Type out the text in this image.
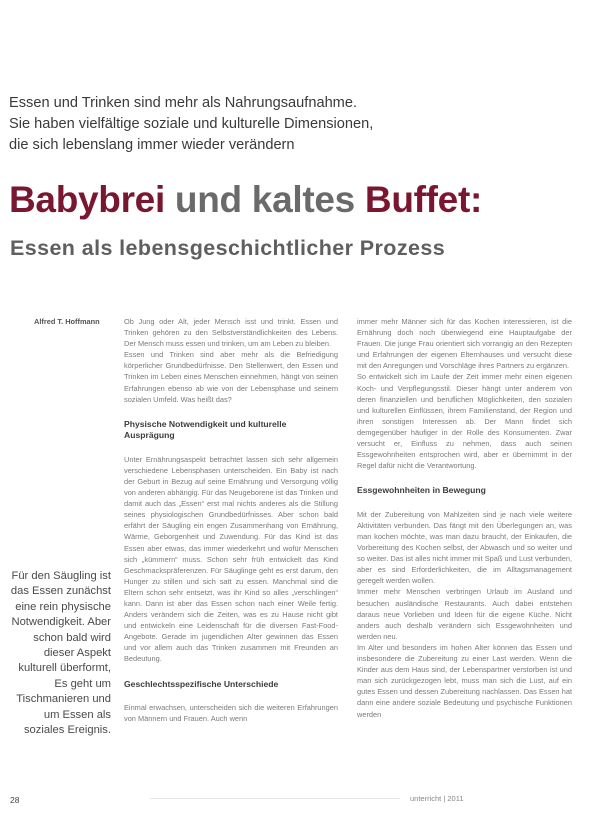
Essen und Trinken sind mehr als Nahrungsaufnahme.
Sie haben vielfältige soziale und kulturelle Dimensionen,
die sich lebenslang immer wieder verändern
Babybrei und kaltes Buffet:
Essen als lebensgeschichtlicher Prozess
Alfred T. Hoffmann
Für den Säugling ist das Essen zunächst eine rein physische Notwendigkeit. Aber schon bald wird dieser Aspekt kulturell überformt, Es geht um Tischmanieren und um Essen als soziales Ereignis.

Ob Jung oder Alt, jeder Mensch isst und trinkt. Essen und Trinken gehören zu den Selbstverständlichkeiten des Lebens. Der Mensch muss essen und trinken, um am Leben zu bleiben.

Essen und Trinken sind aber mehr als die Befriedigung körperlicher Grundbedürfnisse. Den Stellenwert, den Essen und Trinken im Leben eines Menschen einnehmen, hängt von seinen Erfahrungen ebenso ab wie von der Lebensphase und seinem sozialen Umfeld. Was heißt das?

Physische Notwendigkeit und kulturelle Ausprägung

Unter Ernährungsaspekt betrachtet lassen sich sehr allgemein verschiedene Lebensphasen unterscheiden. Ein Baby ist nach der Geburt in Bezug auf seine Ernährung und Versorgung völlig von anderen abhängig. Für das Neugeborene ist das Trinken und damit auch das „Essen“ erst mal nichts anderes als die Stillung seines physiologischen Grundbedürfnisses. Aber schon bald erfährt der Säugling ein engen Zusammenhang von Ernährung, Wärme, Geborgenheit und Zuwendung. Für das Kind ist das Essen aber etwas, das immer wiederkehrt und wofür Menschen sich „kümmern“ muss. Schon sehr früh entwickelt das Kind Geschmackspräferenzen. Für Säuglinge geht es erst darum, den Hunger zu stillen und sich satt zu essen. Manchmal sind die Eltern schon sehr entsetzt, was ihr Kind so alles „verschlingen“ kann. Dann ist aber das Essen schon nach einer Weile fertig. Anders verändern sich die Zeiten, was es zu Hause nicht gibt und entwickeln eine Leidenschaft für die diversen Fast-Food-Angebote. Gerade im jugendlichen Alter gewinnen das Essen und vor allem auch das Trinken zusammen mit Freunden an Bedeutung.

Geschlechtsspezifische Unterschiede

Einmal erwachsen, unterscheiden sich die weiteren Erfahrungen von Männern und Frauen. Auch wenn

immer mehr Männer sich für das Kochen interessieren, ist die Ernährung doch noch überwiegend eine Hauptaufgabe der Frauen. Die junge Frau orientiert sich vorrangig an den Rezepten und Erfahrungen der eigenen Elternhauses und versucht diese mit den Anregungen und Vorschläge ihres Partners zu ergänzen.

So entwickelt sich im Laufe der Zeit immer mehr einen eigenen Koch- und Verpflegungsstil. Dieser hängt unter anderem von deren finanziellen und beruflichen Möglichkeiten, den sozialen und kulturellen Einflüssen, ihrem Familienstand, der Region und ihren sonstigen Interessen ab. Der Mann findet sich demgegenüber häufiger in der Rolle des Konsumenten. Zwar versucht er, Einfluss zu nehmen, dass auch seinen Essgewohnheiten entsprochen wird, aber er übernimmt in der Regel dafür nicht die Verantwortung.

Essgewohnheiten in Bewegung

Mit der Zubereitung von Mahlzeiten sind je nach viele weitere Aktivitäten verbunden. Das fängt mit den Überlegungen an, was man kochen möchte, was man dazu braucht, der Einkaufen, die Vorbereitung des Kochen selbst, der Abwasch und so weiter und so weiter. Das ist alles nicht immer mit Spaß und Lust verbunden, aber es sind Erforderlichkeiten, die im Alltagsmanagement geregelt werden wollen.

Immer mehr Menschen verbringen Urlaub im Ausland und besuchen ausländische Restaurants. Auch dabei entstehen daraus neue Vorlieben und Ideen für die eigene Küche. Nicht anders auch deshalb verändern sich Essgewohnheiten und werden neu.

Im Alter und besonders im hohen Alter können das Essen und insbesondere die Zubereitung zu einer Last werden. Wenn die Kinder aus dem Haus sind, der Lebenspartner verstorben ist und man sich zurückgezogen lebt, muss man sich die Lust, auf ein gutes Essen und dessen Zubereitung nachlassen. Das Essen hat dann eine andere soziale Bedeutung und psychische Funktionen werden

28	unterricht | 2011
